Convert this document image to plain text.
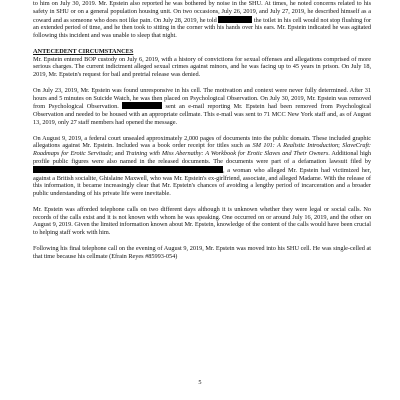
to him on July 30, 2019. Mr. Epstein also reported he was bothered by noise in the SHU. At times, he noted concerns related to his safety in SHU or on a general population housing unit. On two occasions, July 26, 2019, and July 27, 2019, he described himself as a coward and as someone who does not like pain. On July 28, 2019, he told	the toilet in his cell would not stop flushing for an extended period of time, and he then took to sitting in the corner with his hands over his ears. Mr. Epstein indicated he was agitated following this incident and was unable to sleep that night.

ANTECEDENT CIRCUMSTANCES

Mr. Epstein entered BOP custody on July 6, 2019, with a history of convictions for sexual offenses and allegations comprised of more serious charges. The current indictment alleged sexual crimes against minors, and he was facing up to 45 years in prison. On July 18, 2019, Mr. Epstein's request for bail and pretrial release was denied.

On July 23, 2019, Mr. Epstein was found unresponsive in his cell. The motivation and context were never fully determined. After 31 hours and 5 minutes on Suicide Watch, he was then placed on Psychological Observation. On July 30, 2019, Mr. Epstein was removed from Psychological Observation.	sent an e-mail reporting Mr. Epstein had been removed from Psychological Observation and needed to be housed with an appropriate cellmate. This e-mail was sent to 71 MCC New York staff and, as of August 13, 2019, only 27 staff members had opened the message.

On August 9, 2019, a federal court unsealed approximately 2,000 pages of documents into the public domain. These included graphic allegations against Mr. Epstein. Included was a book order receipt for titles such as SM 101: A Realistic Introduction; SlaveCraft: Roadmaps for Erotic Servitude; and Training with Miss Abernathy: A Workbook for Erotic Slaves and Their Owners. Additional high profile public figures were also named in the released documents. The documents were part of a defamation lawsuit filed by , a woman who alleged Mr. Epstein had victimized her, against a British socialite, Ghislaine Maxwell, who was Mr. Epstein's ex-girlfriend, associate, and alleged Madame. With the release of this information, it became increasingly clear that Mr. Epstein's chances of avoiding a lengthy period of incarceration and a broader public understanding of his private life were inevitable.

Mr. Epstein was afforded telephone calls on two different days although it is unknown whether they were legal or social calls. No records of the calls exist and it is not known with whom he was speaking. One occurred on or around July 16, 2019, and the other on August 9, 2019. Given the limited information known about Mr. Epstein, knowledge of the content of the calls would have been crucial to helping staff work with him.

Following his final telephone call on the evening of August 9, 2019, Mr. Epstein was moved into his SHU cell. He was single-celled at that time because his cellmate (Efrain Reyes #85993-054)

5
